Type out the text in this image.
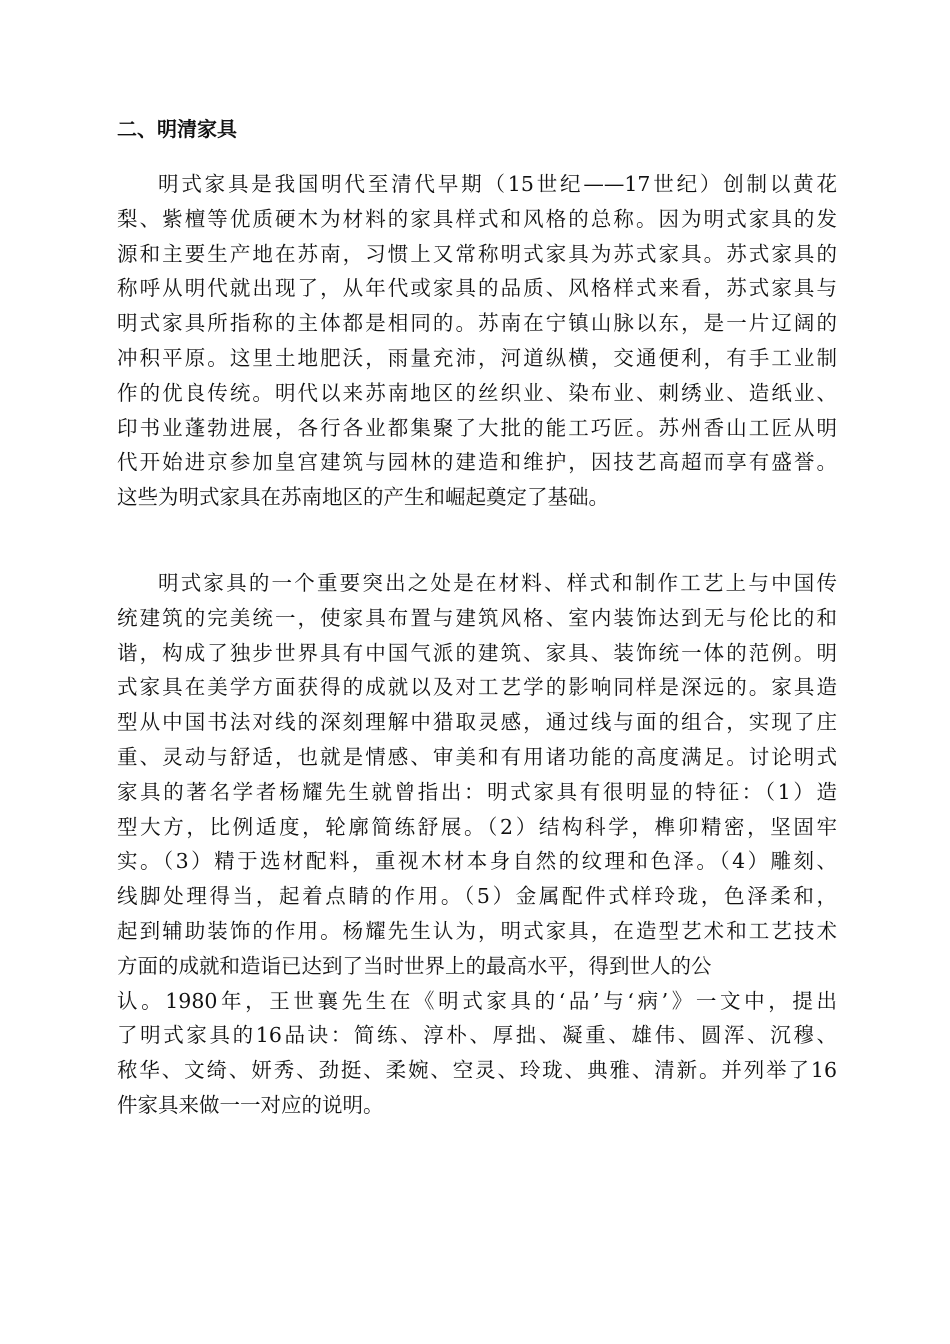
二、明清家具
明式家具是我国明代至清代早期（15世纪——17世纪）创制以黄花
梨、紫檀等优质硬木为材料的家具样式和风格的总称。因为明式家具的发
源和主要生产地在苏南，习惯上又常称明式家具为苏式家具。苏式家具的
称呼从明代就出现了，从年代或家具的品质、风格样式来看，苏式家具与
明式家具所指称的主体都是相同的。苏南在宁镇山脉以东，是一片辽阔的
冲积平原。这里土地肥沃，雨量充沛，河道纵横，交通便利，有手工业制
作的优良传统。明代以来苏南地区的丝织业、染布业、刺绣业、造纸业、
印书业蓬勃进展，各行各业都集聚了大批的能工巧匠。苏州香山工匠从明
代开始进京参加皇宫建筑与园林的建造和维护，因技艺高超而享有盛誉。
这些为明式家具在苏南地区的产生和崛起奠定了基础。
明式家具的一个重要突出之处是在材料、样式和制作工艺上与中国传
统建筑的完美统一，使家具布置与建筑风格、室内装饰达到无与伦比的和
谐，构成了独步世界具有中国气派的建筑、家具、装饰统一体的范例。明
式家具在美学方面获得的成就以及对工艺学的影响同样是深远的。家具造
型从中国书法对线的深刻理解中猎取灵感，通过线与面的组合，实现了庄
重、灵动与舒适，也就是情感、审美和有用诸功能的高度满足。讨论明式
家具的著名学者杨耀先生就曾指出：明式家具有很明显的特征：（1）造
型大方，比例适度，轮廓简练舒展。（2）结构科学，榫卯精密，坚固牢
实。（3）精于选材配料，重视木材本身自然的纹理和色泽。（4）雕刻、
线脚处理得当，起着点睛的作用。（5）金属配件式样玲珑，色泽柔和，
起到辅助装饰的作用。杨耀先生认为，明式家具，在造型艺术和工艺技术
方面的成就和造诣已达到了当时世界上的最高水平，得到世人的公
认。1980年，王世襄先生在《明式家具的‘品’与‘病’》一文中，提出
了明式家具的16品诀：简练、淳朴、厚拙、凝重、雄伟、圆浑、沉穆、
秾华、文绮、妍秀、劲挺、柔婉、空灵、玲珑、典雅、清新。并列举了16
件家具来做一一对应的说明。
